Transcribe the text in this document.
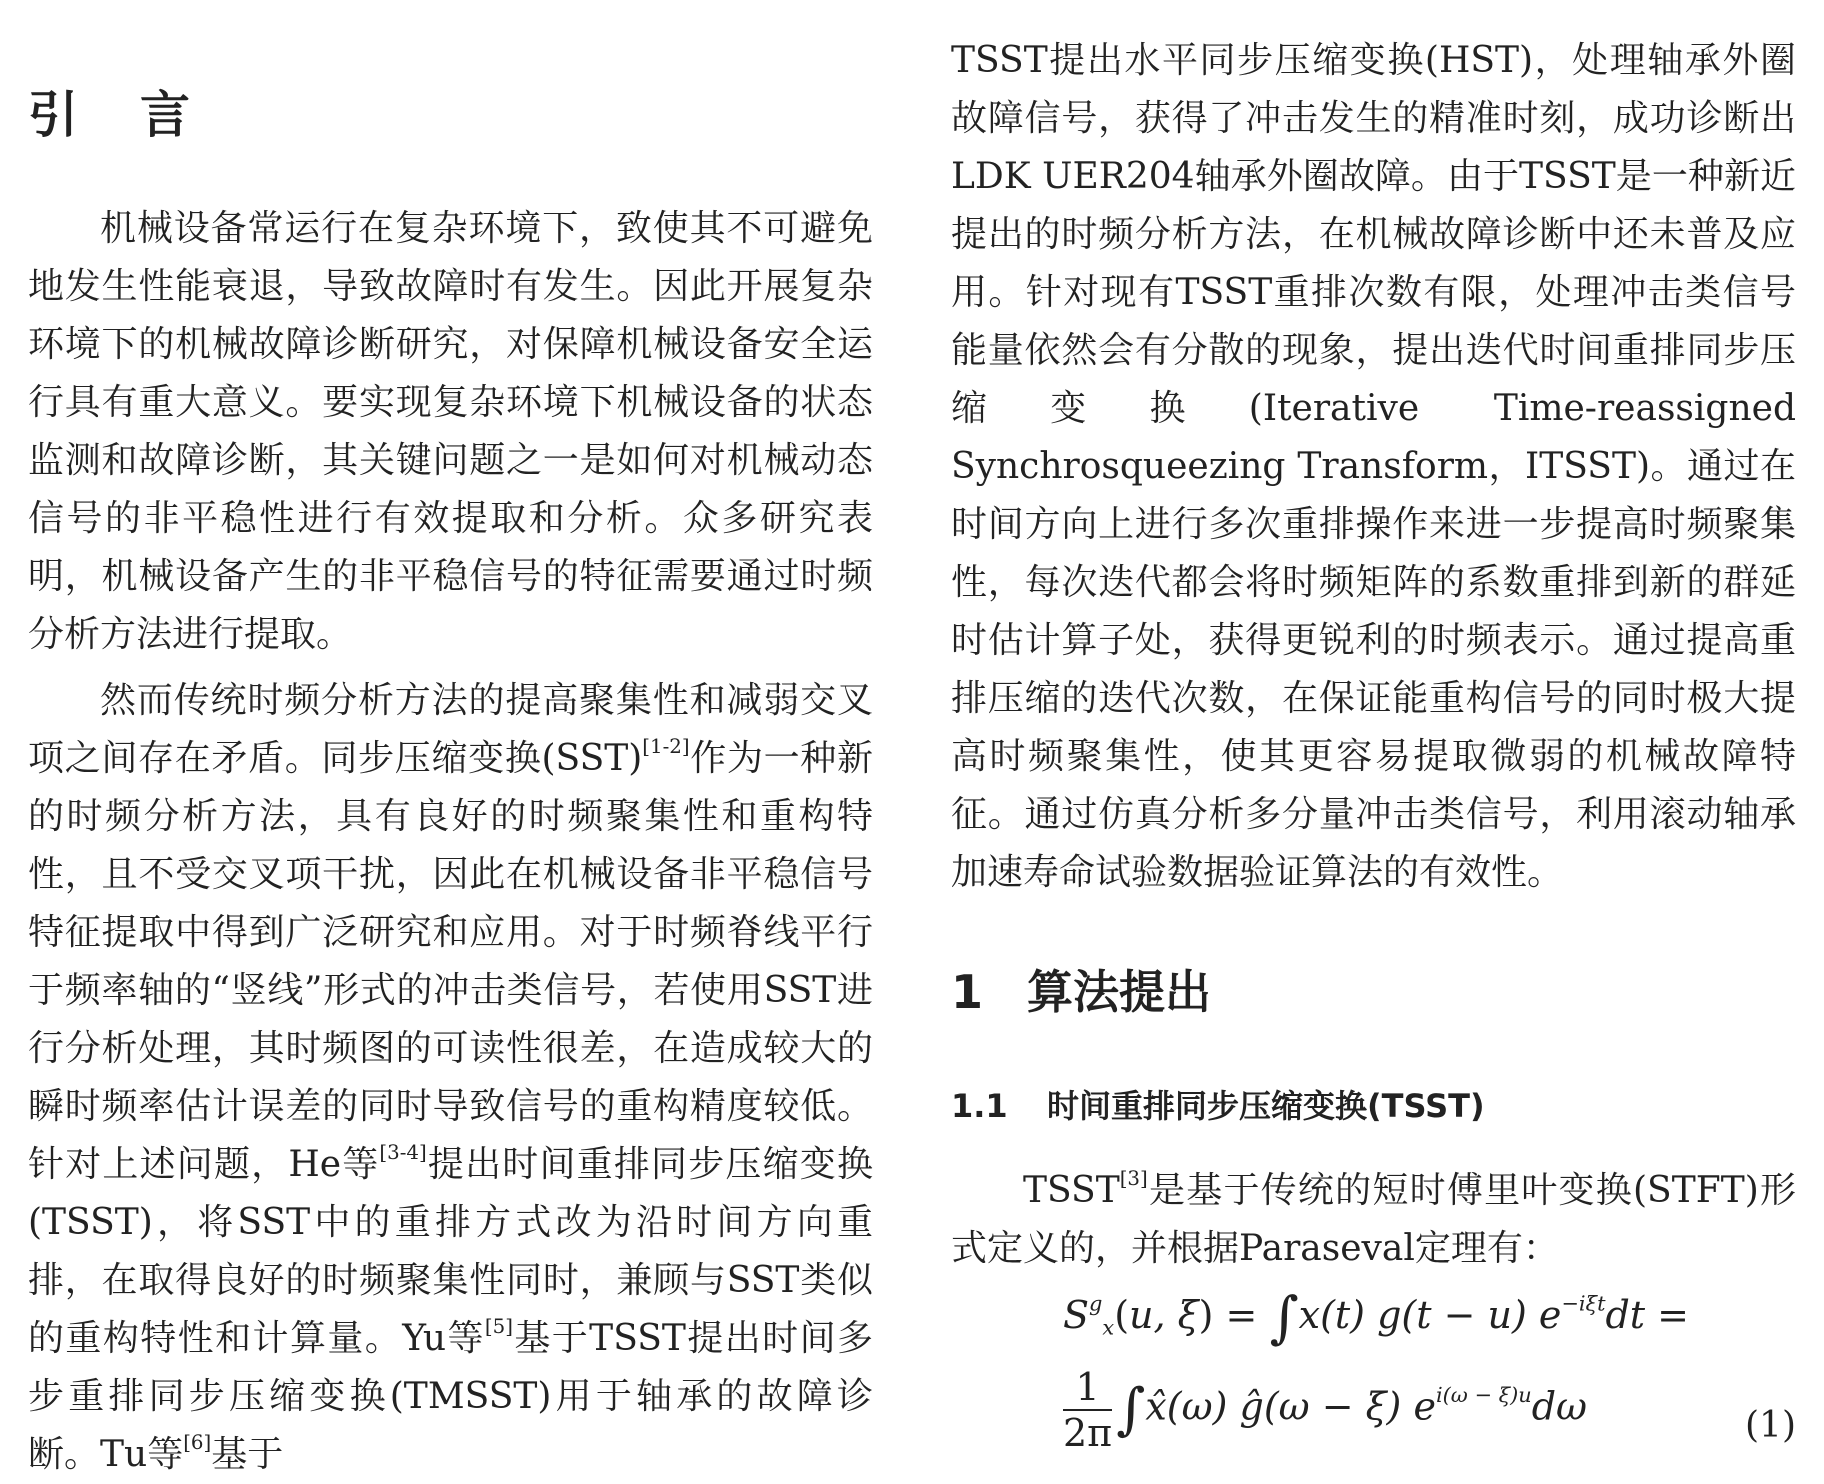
引言

机械设备常运行在复杂环境下，致使其不可避免地发生性能衰退，导致故障时有发生。因此开展复杂环境下的机械故障诊断研究，对保障机械设备安全运行具有重大意义。要实现复杂环境下机械设备的状态监测和故障诊断，其关键问题之一是如何对机械动态信号的非平稳性进行有效提取和分析。众多研究表明，机械设备产生的非平稳信号的特征需要通过时频分析方法进行提取。

然而传统时频分析方法的提高聚集性和减弱交叉项之间存在矛盾。同步压缩变换(SST)[1-2]作为一种新的时频分析方法，具有良好的时频聚集性和重构特性，且不受交叉项干扰，因此在机械设备非平稳信号特征提取中得到广泛研究和应用。对于时频脊线平行于频率轴的“竖线”形式的冲击类信号，若使用SST进行分析处理，其时频图的可读性很差，在造成较大的瞬时频率估计误差的同时导致信号的重构精度较低。针对上述问题，He等[3-4]提出时间重排同步压缩变换(TSST)，将SST中的重排方式改为沿时间方向重排，在取得良好的时频聚集性同时，兼顾与SST类似的重构特性和计算量。Yu等[5]基于TSST提出时间多步重排同步压缩变换(TMSST)用于轴承的故障诊断。Tu等[6]基于

TSST提出水平同步压缩变换(HST)，处理轴承外圈故障信号，获得了冲击发生的精准时刻，成功诊断出LDK UER204轴承外圈故障。由于TSST是一种新近提出的时频分析方法，在机械故障诊断中还未普及应用。针对现有TSST重排次数有限，处理冲击类信号能量依然会有分散的现象，提出迭代时间重排同步压缩变换(Iterative Time-reassigned Synchrosqueezing Transform，ITSST)。通过在时间方向上进行多次重排操作来进一步提高时频聚集性，每次迭代都会将时频矩阵的系数重排到新的群延时估计算子处，获得更锐利的时频表示。通过提高重排压缩的迭代次数，在保证能重构信号的同时极大提高时频聚集性，使其更容易提取微弱的机械故障特征。通过仿真分析多分量冲击类信号，利用滚动轴承加速寿命试验数据验证算法的有效性。

1 算法提出
1.1 时间重排同步压缩变换(TSST)

TSST[3]是基于传统的短时傅里叶变换(STFT)形式定义的，并根据Paraseval定理有：

$S^g_x(u$, ξ) = ∫x(t) g(t − u) $e^{-i\xi t}dt$ =
$\frac{1}{2\pi}$ ∫x̂(ω) ĝ(ω − ξ) $e^{i(\omega - \xi)u}d\omega$	(1)
